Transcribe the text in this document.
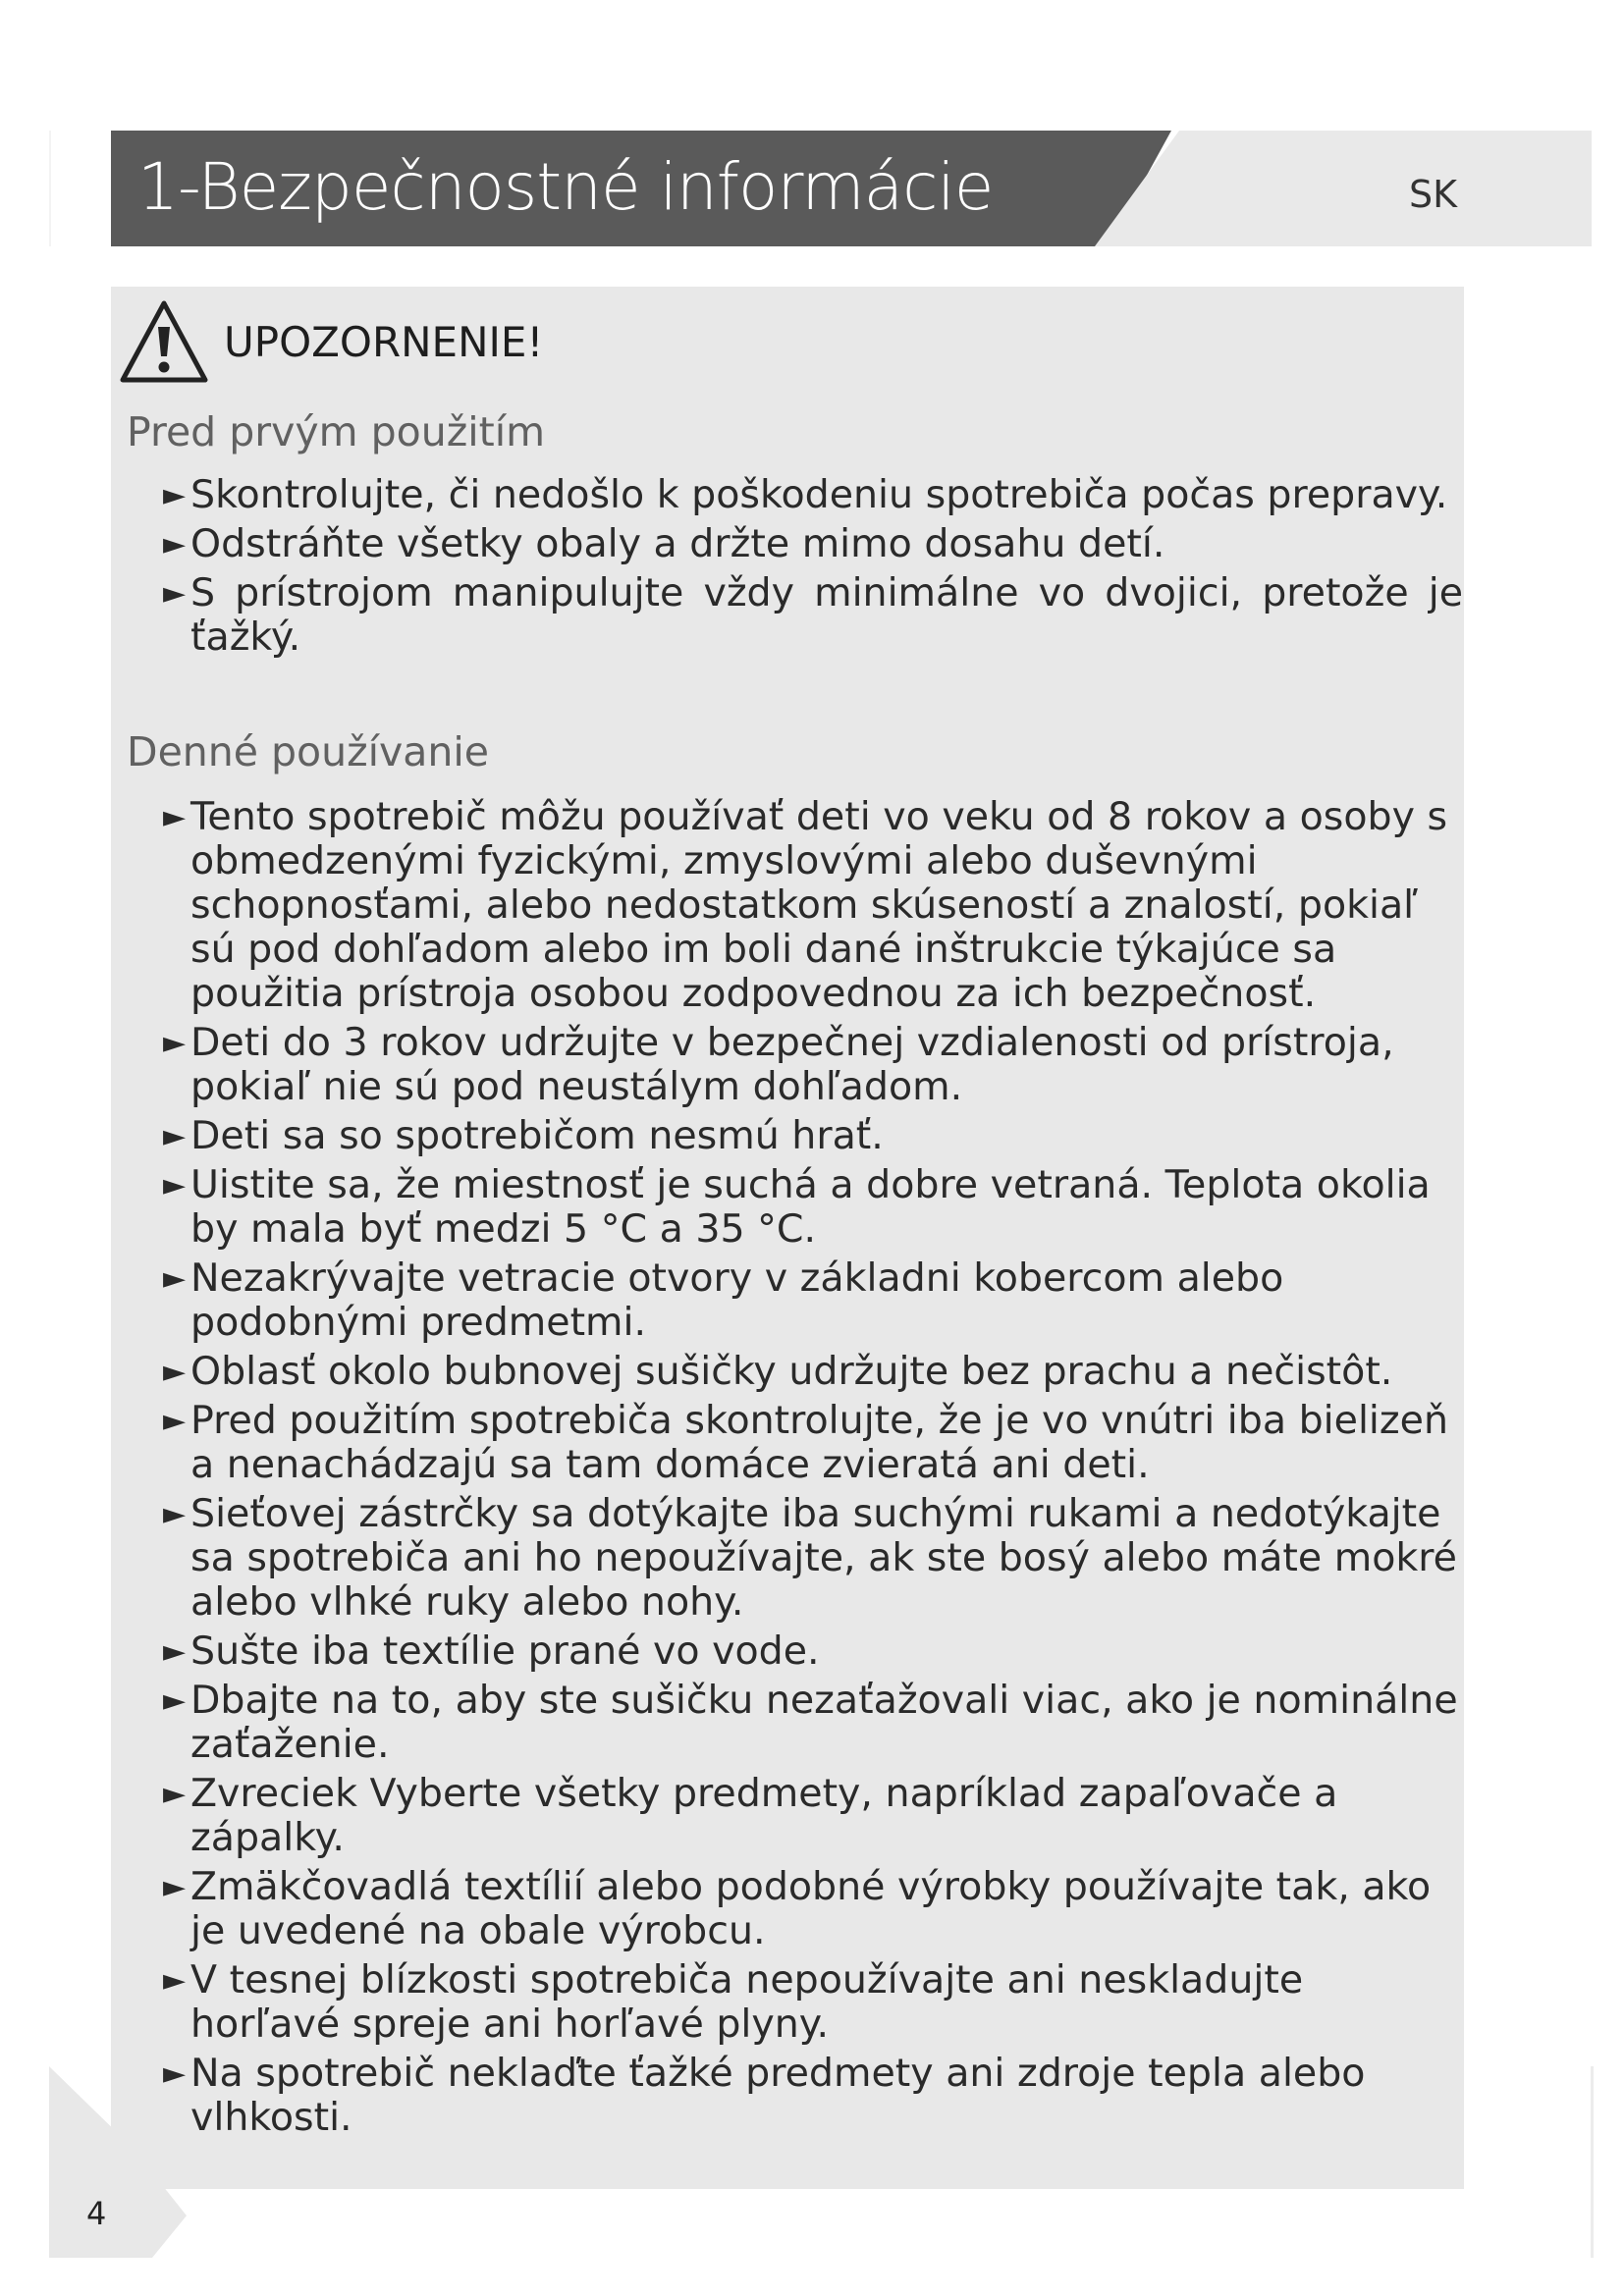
1-Bezpečnostné informácie	SK
UPOZORNENIE!
Pred prvým použitím
► Skontrolujte, či nedošlo k poškodeniu spotrebiča počas prepravy.
► Odstráňte všetky obaly a držte mimo dosahu detí.
► S prístrojom manipulujte vždy minimálne vo dvojici, pretože je ťažký.
Denné používanie
► Tento spotrebič môžu používať deti vo veku od 8 rokov a osoby s obmedzenými fyzickými, zmyslovými alebo duševnými schopnosťami, alebo nedostatkom skúseností a znalostí, pokiaľ sú pod dohľadom alebo im boli dané inštrukcie týkajúce sa použitia prístroja osobou zodpovednou za ich bezpečnosť.
► Deti do 3 rokov udržujte v bezpečnej vzdialenosti od prístroja, pokiaľ nie sú pod neustálym dohľadom.
► Deti sa so spotrebičom nesmú hrať.
► Uistite sa, že miestnosť je suchá a dobre vetraná. Teplota okolia by mala byť medzi 5 °C a 35 °C.
► Nezakrývajte vetracie otvory v základni kobercom alebo podobnými predmetmi.
► Oblasť okolo bubnovej sušičky udržujte bez prachu a nečistôt.
► Pred použitím spotrebiča skontrolujte, že je vo vnútri iba bielizeň a nenachádzajú sa tam domáce zvieratá ani deti.
► Sieťovej zástrčky sa dotýkajte iba suchými rukami a nedotýkajte sa spotrebiča ani ho nepoužívajte, ak ste bosý alebo máte mokré alebo vlhké ruky alebo nohy.
► Sušte iba textílie prané vo vode.
► Dbajte na to, aby ste sušičku nezaťažovali viac, ako je nominálne zaťaženie.
► Zvreciek Vyberte všetky predmety, napríklad zapaľovače a zápalky.
► Zmäkčovadlá textílií alebo podobné výrobky používajte tak, ako je uvedené na obale výrobcu.
► V tesnej blízkosti spotrebiča nepoužívajte ani neskladujte horľavé spreje ani horľavé plyny.
► Na spotrebič neklaďte ťažké predmety ani zdroje tepla alebo vlhkosti.
4
